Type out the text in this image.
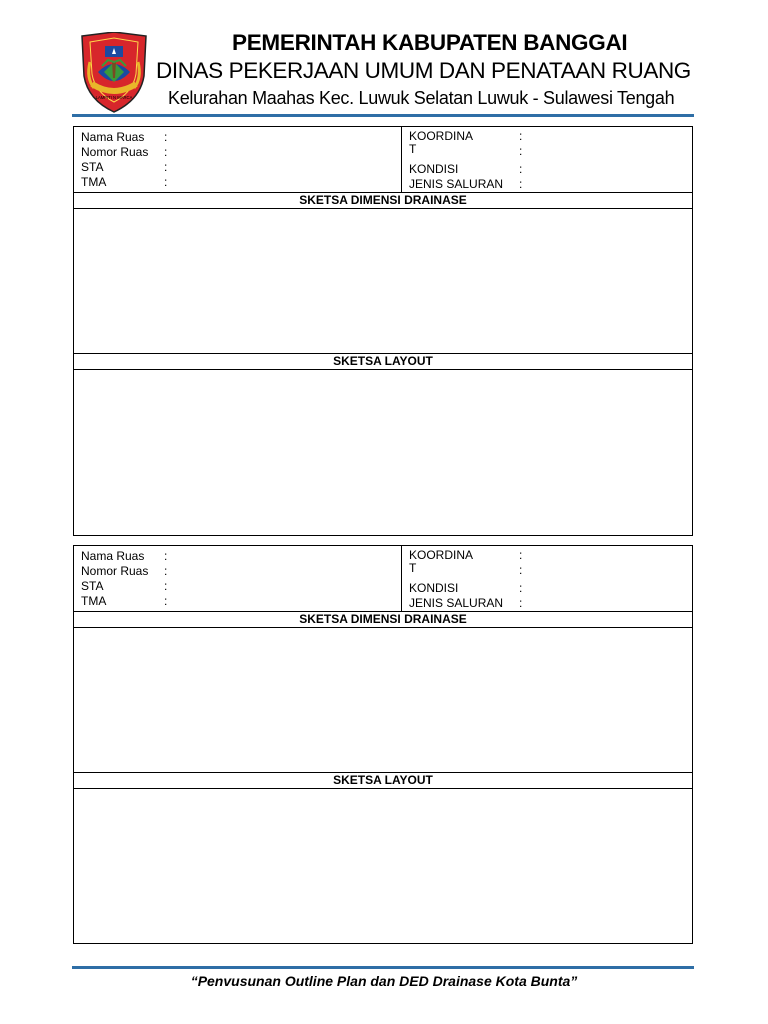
LAMPITI N MARCA
PEMERINTAH KABUPATEN BANGGAI
DINAS PEKERJAAN UMUM DAN PENATAAN RUANG
Kelurahan Maahas Kec. Luwuk Selatan Luwuk - Sulawesi Tengah
Nama Ruas :
Nomor Ruas :
STA	:
TMA	:
KOORDINA	:
T	:
KONDISI	:
JENIS SALURAN :
SKETSA DIMENSI DRAINASE
SKETSA LAYOUT
Nama Ruas :
Nomor Ruas :
STA	:
TMA	:
KOORDINA	:
T	:
KONDISI	:
JENIS SALURAN :
SKETSA DIMENSI DRAINASE
SKETSA LAYOUT
“Penvusunan Outline Plan dan DED Drainase Kota Bunta”
